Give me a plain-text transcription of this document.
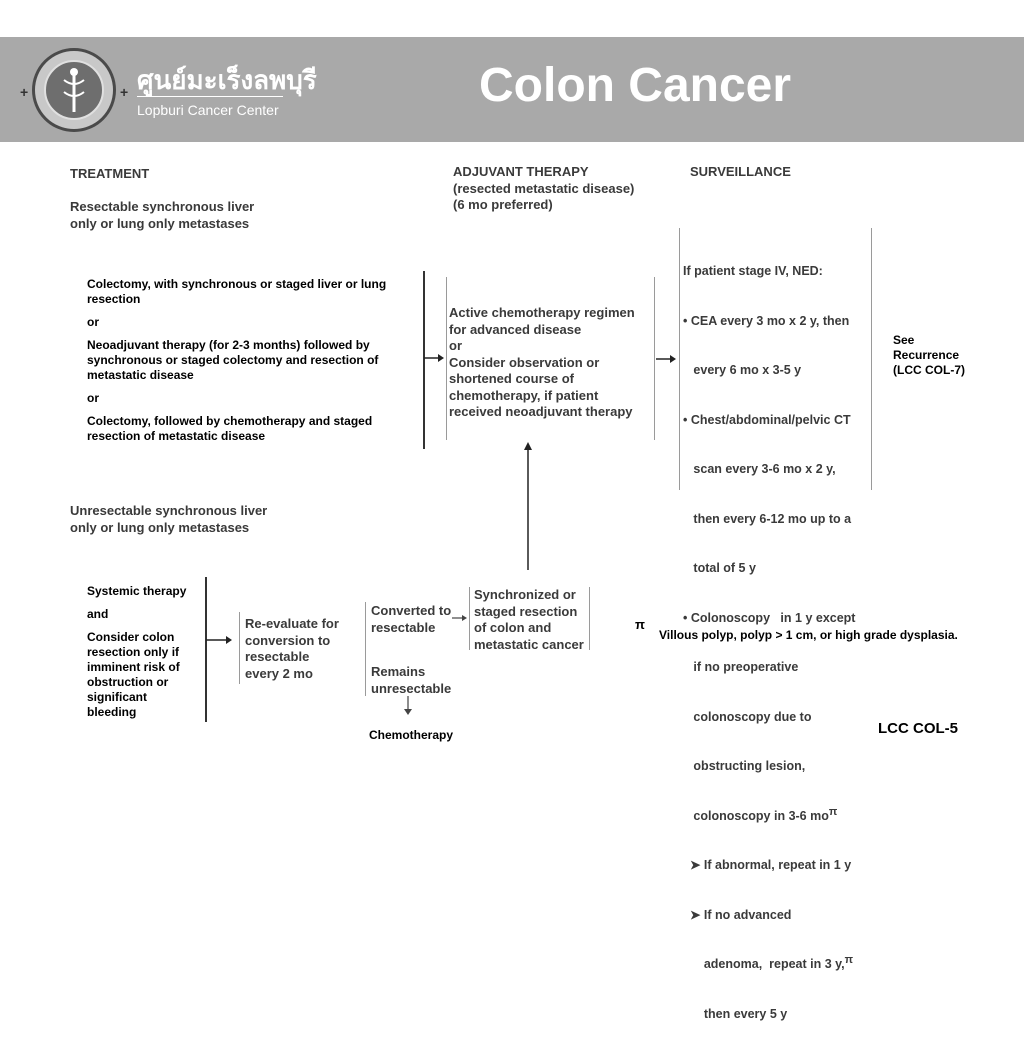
+	+ ศูนย์มะเร็งลพบุรี
Lopburi Cancer Center	Colon Cancer
TREATMENT	ADJUVANT THERAPY
(resected metastatic disease)
(6 mo preferred)
SURVEILLANCE
Resectable synchronous liver
only or lung only metastases

Colectomy, with synchronous or staged liver or lung resection

or

Neoadjuvant therapy (for 2-3 months) followed by synchronous or staged colectomy and resection of metastatic disease

or

Colectomy, followed by chemotherapy and staged resection of metastatic disease

Active chemotherapy regimen
for advanced disease
or
Consider observation or
shortened course of
chemotherapy, if patient
received neoadjuvant therapy

If patient stage IV, NED:

• CEA every 3 mo x 2 y, then

every 6 mo x 3-5 y

• Chest/abdominal/pelvic CT

scan every 3-6 mo x 2 y,

then every 6-12 mo up to a

total of 5 y

• Colonoscopy   in 1 y except

if no preoperative

colonoscopy due to

obstructing lesion,

colonoscopy in 3-6 moπ

➤ If abnormal, repeat in 1 y

➤ If no advanced

adenoma,  repeat in 3 y,π

then every 5 y

See
Recurrence
(LCC COL-7)
Unresectable synchronous liver
only or lung only metastases

Systemic therapy

and

Consider colon resection only if imminent risk of obstruction or significant bleeding

Re-evaluate for
conversion to
resectable
every 2 mo
Converted to
resectable
Synchronized or
staged resection
of colon and
metastatic cancer
Remains
unresectable
Chemotherapy
π
Villous polyp, polyp > 1 cm, or high grade dysplasia.
LCC COL-5
